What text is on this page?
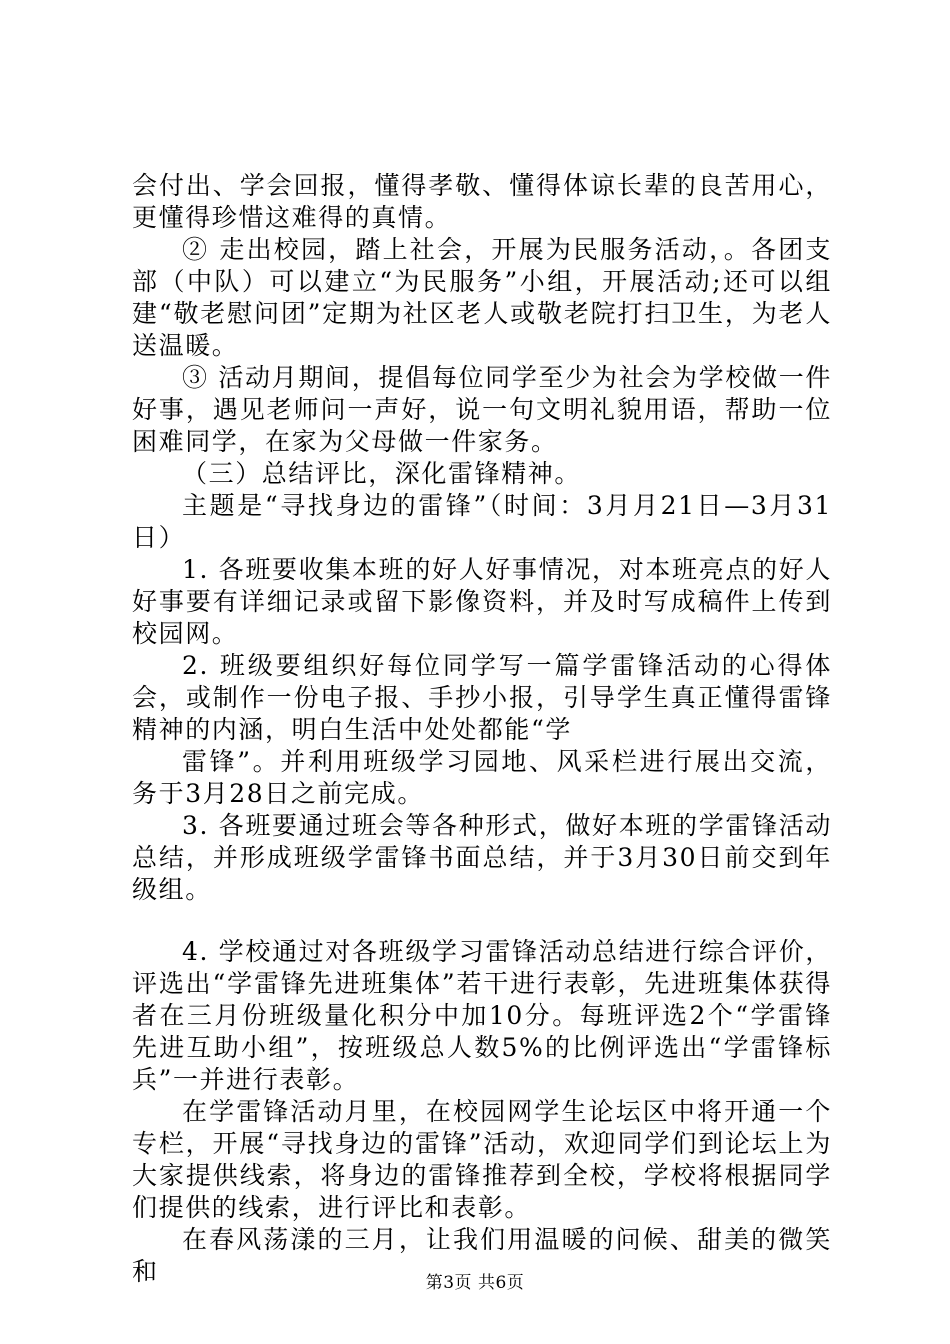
会付出、学会回报，懂得孝敬、懂得体谅长辈的良苦用心，更懂得珍惜这难得的真情。

② 走出校园，踏上社会，开展为民服务活动，。各团支部（中队）可以建立“为民服务”小组，开展活动;还可以组建“敬老慰问团”定期为社区老人或敬老院打扫卫生，为老人送温暖。

③ 活动月期间，提倡每位同学至少为社会为学校做一件好事，遇见老师问一声好，说一句文明礼貌用语，帮助一位困难同学，在家为父母做一件家务。

（三）总结评比，深化雷锋精神。

主题是“寻找身边的雷锋”（时间：3月月21日—3月31日）

1. 各班要收集本班的好人好事情况，对本班亮点的好人好事要有详细记录或留下影像资料，并及时写成稿件上传到校园网。

2. 班级要组织好每位同学写一篇学雷锋活动的心得体会，或制作一份电子报、手抄小报，引导学生真正懂得雷锋精神的内涵，明白生活中处处都能“学

雷锋”。并利用班级学习园地、风采栏进行展出交流，务于3月28日之前完成。

3. 各班要通过班会等各种形式，做好本班的学雷锋活动总结，并形成班级学雷锋书面总结，并于3月30日前交到年级组。

4. 学校通过对各班级学习雷锋活动总结进行综合评价，评选出“学雷锋先进班集体”若干进行表彰，先进班集体获得者在三月份班级量化积分中加10分。每班评选2个“学雷锋先进互助小组”，按班级总人数5%的比例评选出“学雷锋标兵”一并进行表彰。

在学雷锋活动月里，在校园网学生论坛区中将开通一个专栏，开展“寻找身边的雷锋”活动，欢迎同学们到论坛上为大家提供线索，将身边的雷锋推荐到全校，学校将根据同学们提供的线索，进行评比和表彰。

在春风荡漾的三月，让我们用温暖的问候、甜美的微笑和	第3页 共6页
